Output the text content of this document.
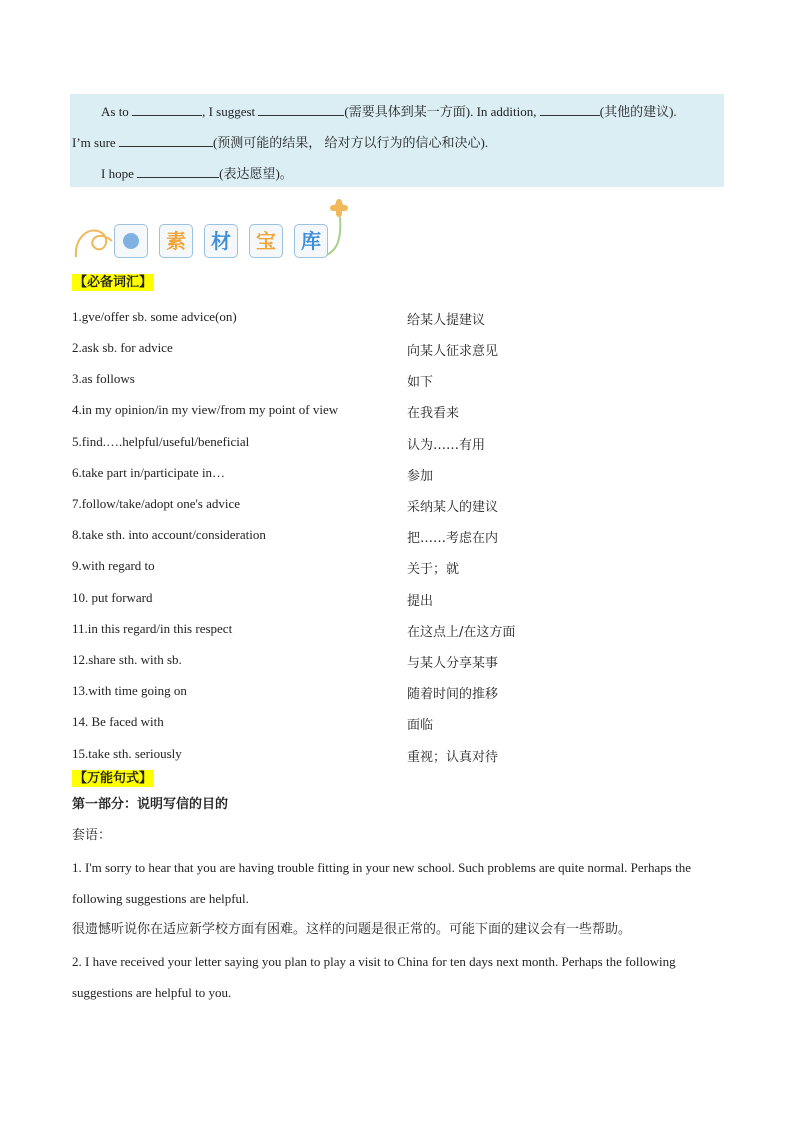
As to	, I suggest	(需要具体到某一方面). In addition,	(其他的建议).
I’m sure	(预测可能的结果， 给对方以行为的信心和决心).
I hope	(表达愿望)。
素	材	宝	库
【必备词汇】
1.gve/offer sb. some advice(on)	给某人提建议
2.ask sb. for advice	向某人征求意见
3.as follows	如下
4.in my opinion/in my view/from my point of view	在我看来
5.find.….helpful/useful/beneficial	认为……有用
6.take part in/participate in…	参加
7.follow/take/adopt one's advice	采纳某人的建议
8.take sth. into account/consideration	把……考虑在内
9.with regard to	关于；就
10. put forward	提出
11.in this regard/in this respect	在这点上/在这方面
12.share sth. with sb.	与某人分享某事
13.with time going on	随着时间的推移
14. Be faced with	面临
15.take sth. seriously	重视；认真对待
【万能句式】
第一部分：说明写信的目的
套语：
1. I'm sorry to hear that you are having trouble fitting in your new school. Such problems are quite normal. Perhaps the following suggestions are helpful.
很遗憾听说你在适应新学校方面有困难。这样的问题是很正常的。可能下面的建议会有一些帮助。
2. I have received your letter saying you plan to play a visit to China for ten days next month. Perhaps the following suggestions are helpful to you.
